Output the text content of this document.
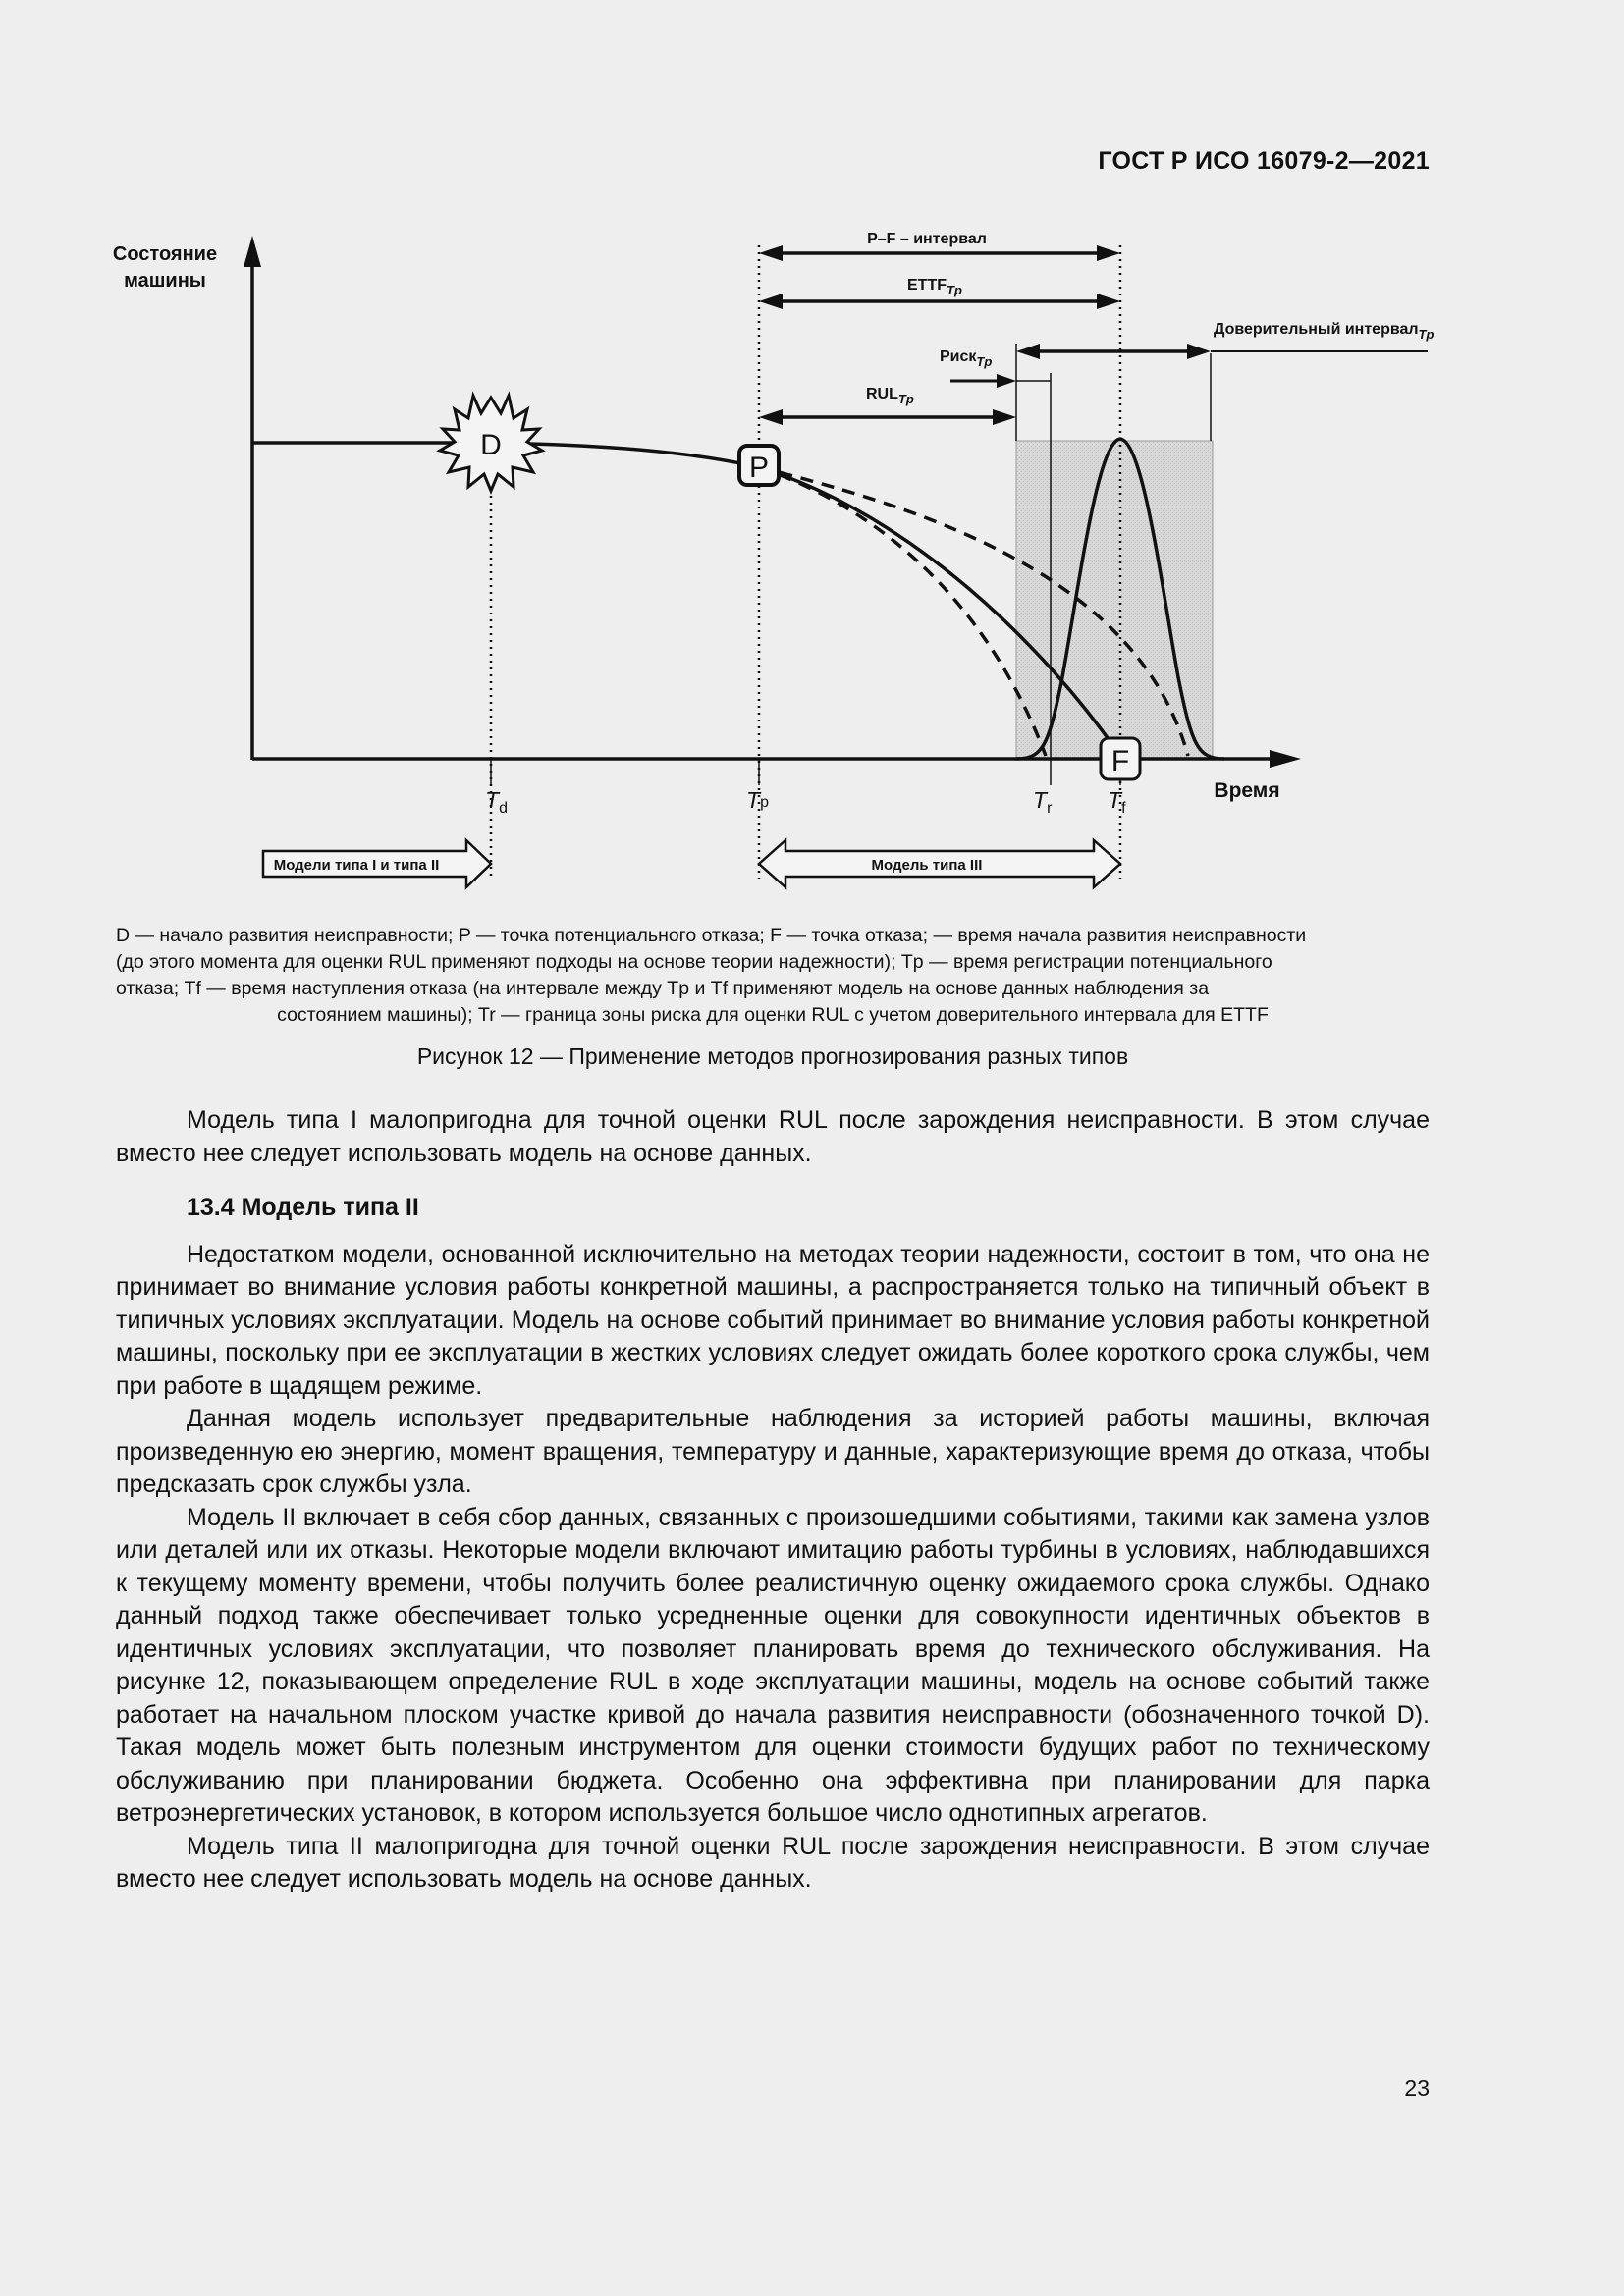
ГОСТ Р ИСО 16079-2—2021
D
P
F
Состояние
машины
Время
$T_d$	Tp	$T_r$ $T_f$
P–F – интервал
$ETTF_{Tp}$
Доверительный интервал$_{Tp}$
Риск$_{Tp}$
$RUL_{Tp}$
Модели типа I и типа II	Модель типа III
D — начало развития неисправности; P — точка потенциального отказа; F — точка отказа; — время начала развития неисправности
(до этого момента для оценки RUL применяют подходы на основе теории надежности); Tp — время регистрации потенциального
отказа; Tf — время наступления отказа (на интервале между Tp и Tf применяют модель на основе данных наблюдения за
состоянием машины); Tr — граница зоны риска для оценки RUL с учетом доверительного интервала для ETTF
Рисунок 12 — Применение методов прогнозирования разных типов

Модель типа I малопригодна для точной оценки RUL после зарождения неисправности. В этом случае вместо нее следует использовать модель на основе данных.

13.4 Модель типа II

Недостатком модели, основанной исключительно на методах теории надежности, состоит в том, что она не принимает во внимание условия работы конкретной машины, а распространяется только на типичный объект в типичных условиях эксплуатации. Модель на основе событий принимает во внимание условия работы конкретной машины, поскольку при ее эксплуатации в жестких условиях следует ожидать более короткого срока службы, чем при работе в щадящем режиме.

Данная модель использует предварительные наблюдения за историей работы машины, включая произведенную ею энергию, момент вращения, температуру и данные, характеризующие время до отказа, чтобы предсказать срок службы узла.

Модель II включает в себя сбор данных, связанных с произошедшими событиями, такими как замена узлов или деталей или их отказы. Некоторые модели включают имитацию работы турбины в условиях, наблюдавшихся к текущему моменту времени, чтобы получить более реалистичную оценку ожидаемого срока службы. Однако данный подход также обеспечивает только усредненные оценки для совокупности идентичных объектов в идентичных условиях эксплуатации, что позволяет планировать время до технического обслуживания. На рисунке 12, показывающем определение RUL в ходе эксплуатации машины, модель на основе событий также работает на начальном плоском участке кривой до начала развития неисправности (обозначенного точкой D). Такая модель может быть полезным инструментом для оценки стоимости будущих работ по техническому обслуживанию при планировании бюджета. Особенно она эффективна при планировании для парка ветроэнергетических установок, в котором используется большое число однотипных агрегатов.

Модель типа II малопригодна для точной оценки RUL после зарождения неисправности. В этом случае вместо нее следует использовать модель на основе данных.

23
